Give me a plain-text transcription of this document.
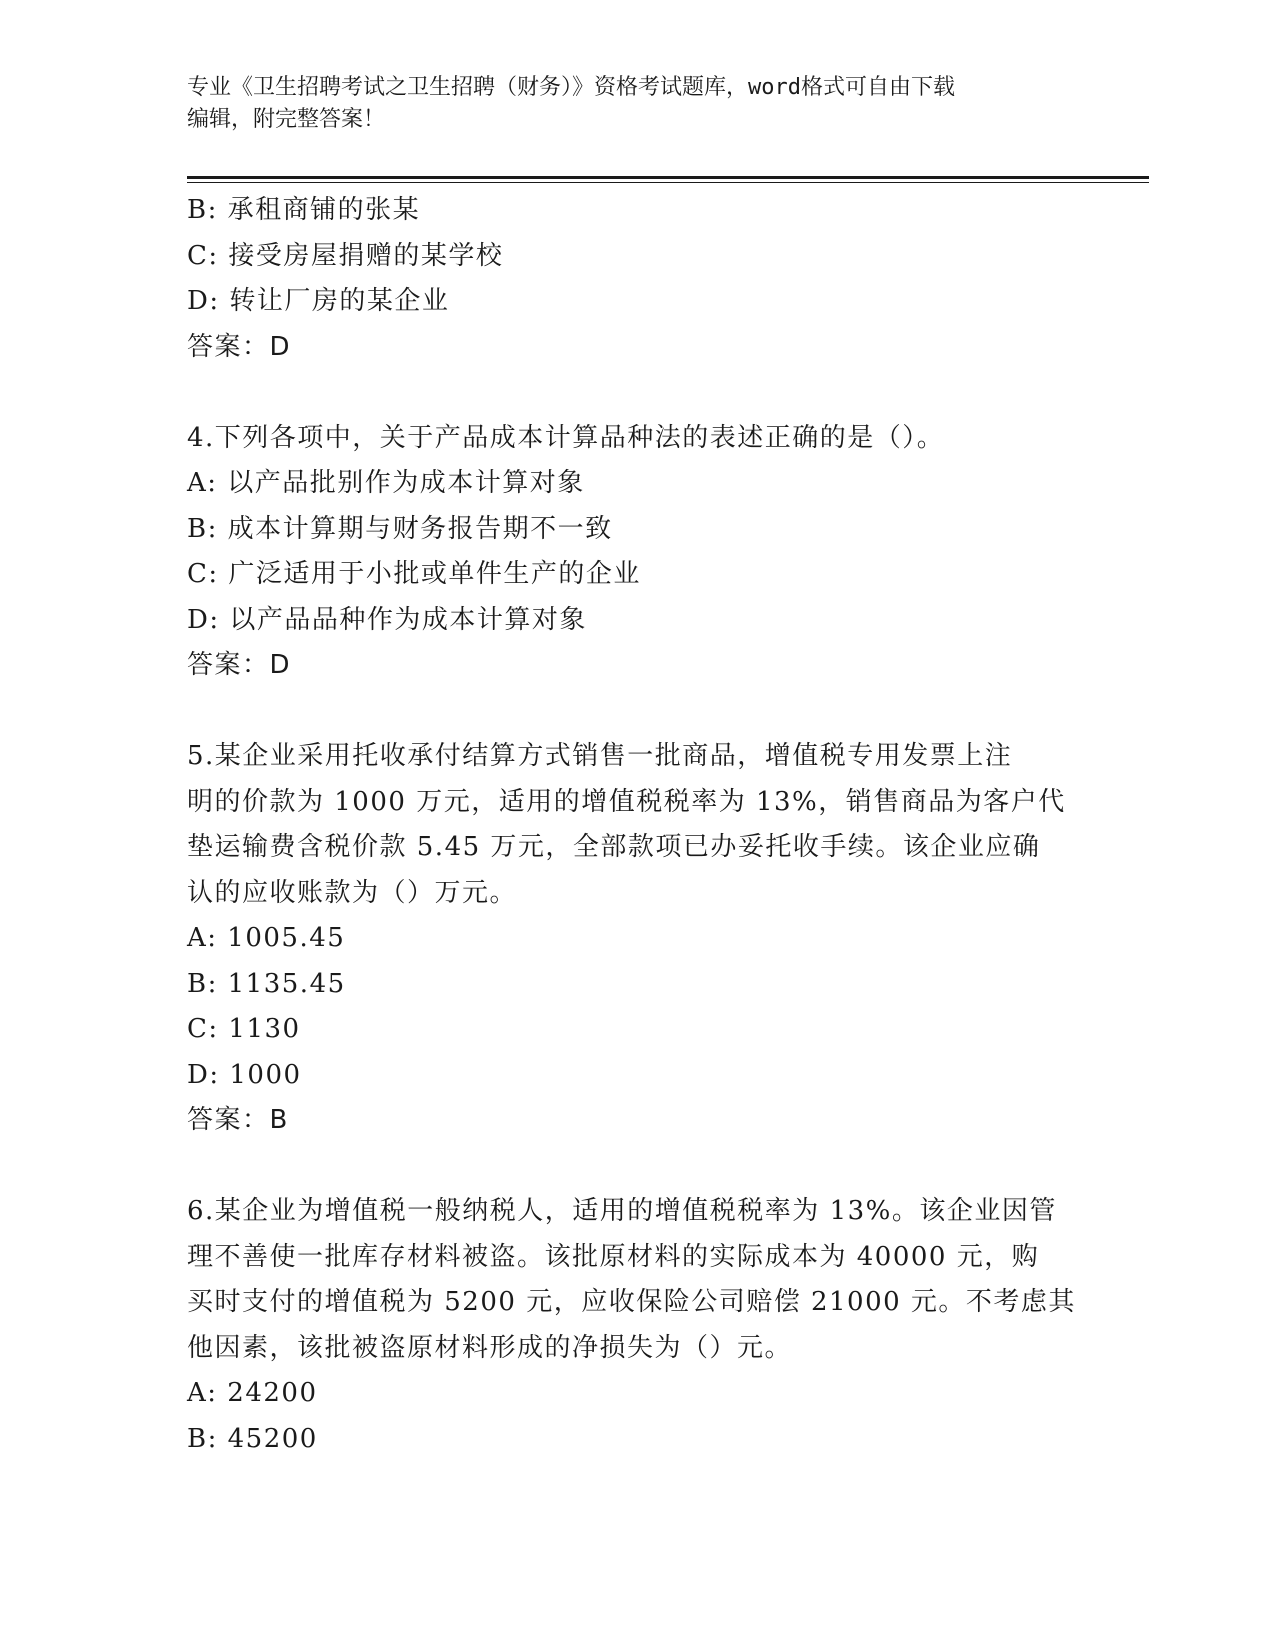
专业《卫生招聘考试之卫生招聘（财务）》资格考试题库，word格式可自由下载
编辑，附完整答案！
B: 承租商铺的张某
C: 接受房屋捐赠的某学校
D: 转让厂房的某企业
答案：D
4.下列各项中，关于产品成本计算品种法的表述正确的是（）。
A: 以产品批别作为成本计算对象
B: 成本计算期与财务报告期不一致
C: 广泛适用于小批或单件生产的企业
D: 以产品品种作为成本计算对象
答案：D
5.某企业采用托收承付结算方式销售一批商品，增值税专用发票上注
明的价款为 1000 万元，适用的增值税税率为 13%，销售商品为客户代
垫运输费含税价款 5.45 万元，全部款项已办妥托收手续。该企业应确
认的应收账款为（）万元。
A: 1005.45
B: 1135.45
C: 1130
D: 1000
答案：B
6.某企业为增值税一般纳税人，适用的增值税税率为 13%。该企业因管
理不善使一批库存材料被盗。该批原材料的实际成本为 40000 元，购
买时支付的增值税为 5200 元，应收保险公司赔偿 21000 元。不考虑其
他因素，该批被盗原材料形成的净损失为（）元。
A: 24200
B: 45200
